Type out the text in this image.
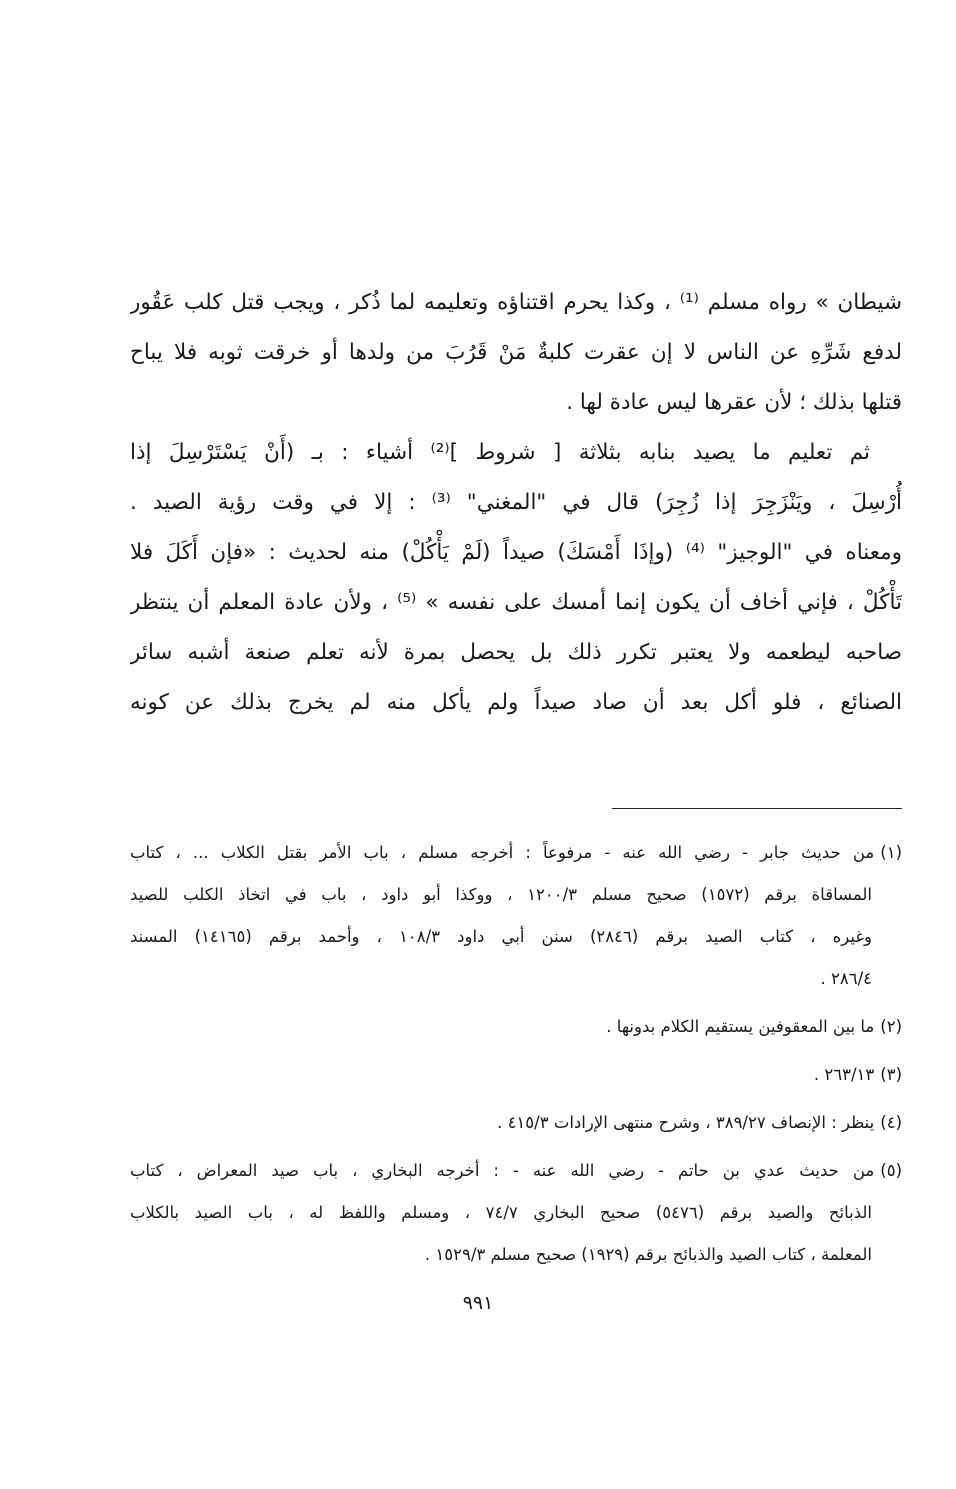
شيطان » رواه مسلم ⁽¹⁾ ، وكذا يحرم اقتناؤه وتعليمه لما ذُكر ، ويجب قتل كلب عَقُور
لدفع شَرِّهِ عن الناس لا إن عقرت كلبةٌ مَنْ قَرُبَ من ولدها أو خرقت ثوبه فلا يباح
قتلها بذلك ؛ لأن عقرها ليس عادة لها .
ثم تعليم ما يصيد بنابه بثلاثة [ شروط ]⁽²⁾ أشياء : بـ (أَنْ يَسْتَرْسِلَ إذا
أُرْسِلَ ، ويَنْزَجِرَ إذا زُجِرَ) قال في "المغني" ⁽³⁾ : إلا في وقت رؤية الصيد .
ومعناه في "الوجيز" ⁽⁴⁾ (وإذَا أَمْسَكَ) صيداً (لَمْ يَأْكُلْ) منه لحديث : «فإن أَكَلَ فلا
تَأْكُلْ ، فإني أخاف أن يكون إنما أمسك على نفسه » ⁽⁵⁾ ، ولأن عادة المعلم أن ينتظر
صاحبه ليطعمه ولا يعتبر تكرر ذلك بل يحصل بمرة لأنه تعلم صنعة أشبه سائر
الصنائع ، فلو أكل بعد أن صاد صيداً ولم يأكل منه لم يخرج بذلك عن كونه
(١)من حديث جابر - رضي الله عنه - مرفوعاً : أخرجه مسلم ، باب الأمر بقتل الكلاب ... ، كتاب
المساقاة برقم (١٥٧٢) صحيح مسلم ١٢٠٠/٣ ، ووكذا أبو داود ، باب في اتخاذ الكلب للصيد
وغيره ، كتاب الصيد برقم (٢٨٤٦) سنن أبي داود ١٠٨/٣ ، وأحمد برقم (١٤١٦٥) المسند
٢٨٦/٤ .
(٢)ما بين المعقوفين يستقيم الكلام بدونها .
(٣)٢٦٣/١٣ .
(٤)ينظر : الإنصاف ٣٨٩/٢٧ ، وشرح منتهى الإرادات ٤١٥/٣ .
(٥)من حديث عدي بن حاتم - رضي الله عنه - : أخرجه البخاري ، باب صيد المعراض ، كتاب
الذبائح والصيد برقم (٥٤٧٦) صحيح البخاري ٧٤/٧ ، ومسلم واللفظ له ، باب الصيد بالكلاب
المعلمة ، كتاب الصيد والذبائح برقم (١٩٢٩) صحيح مسلم ١٥٢٩/٣ .
٩٩١
